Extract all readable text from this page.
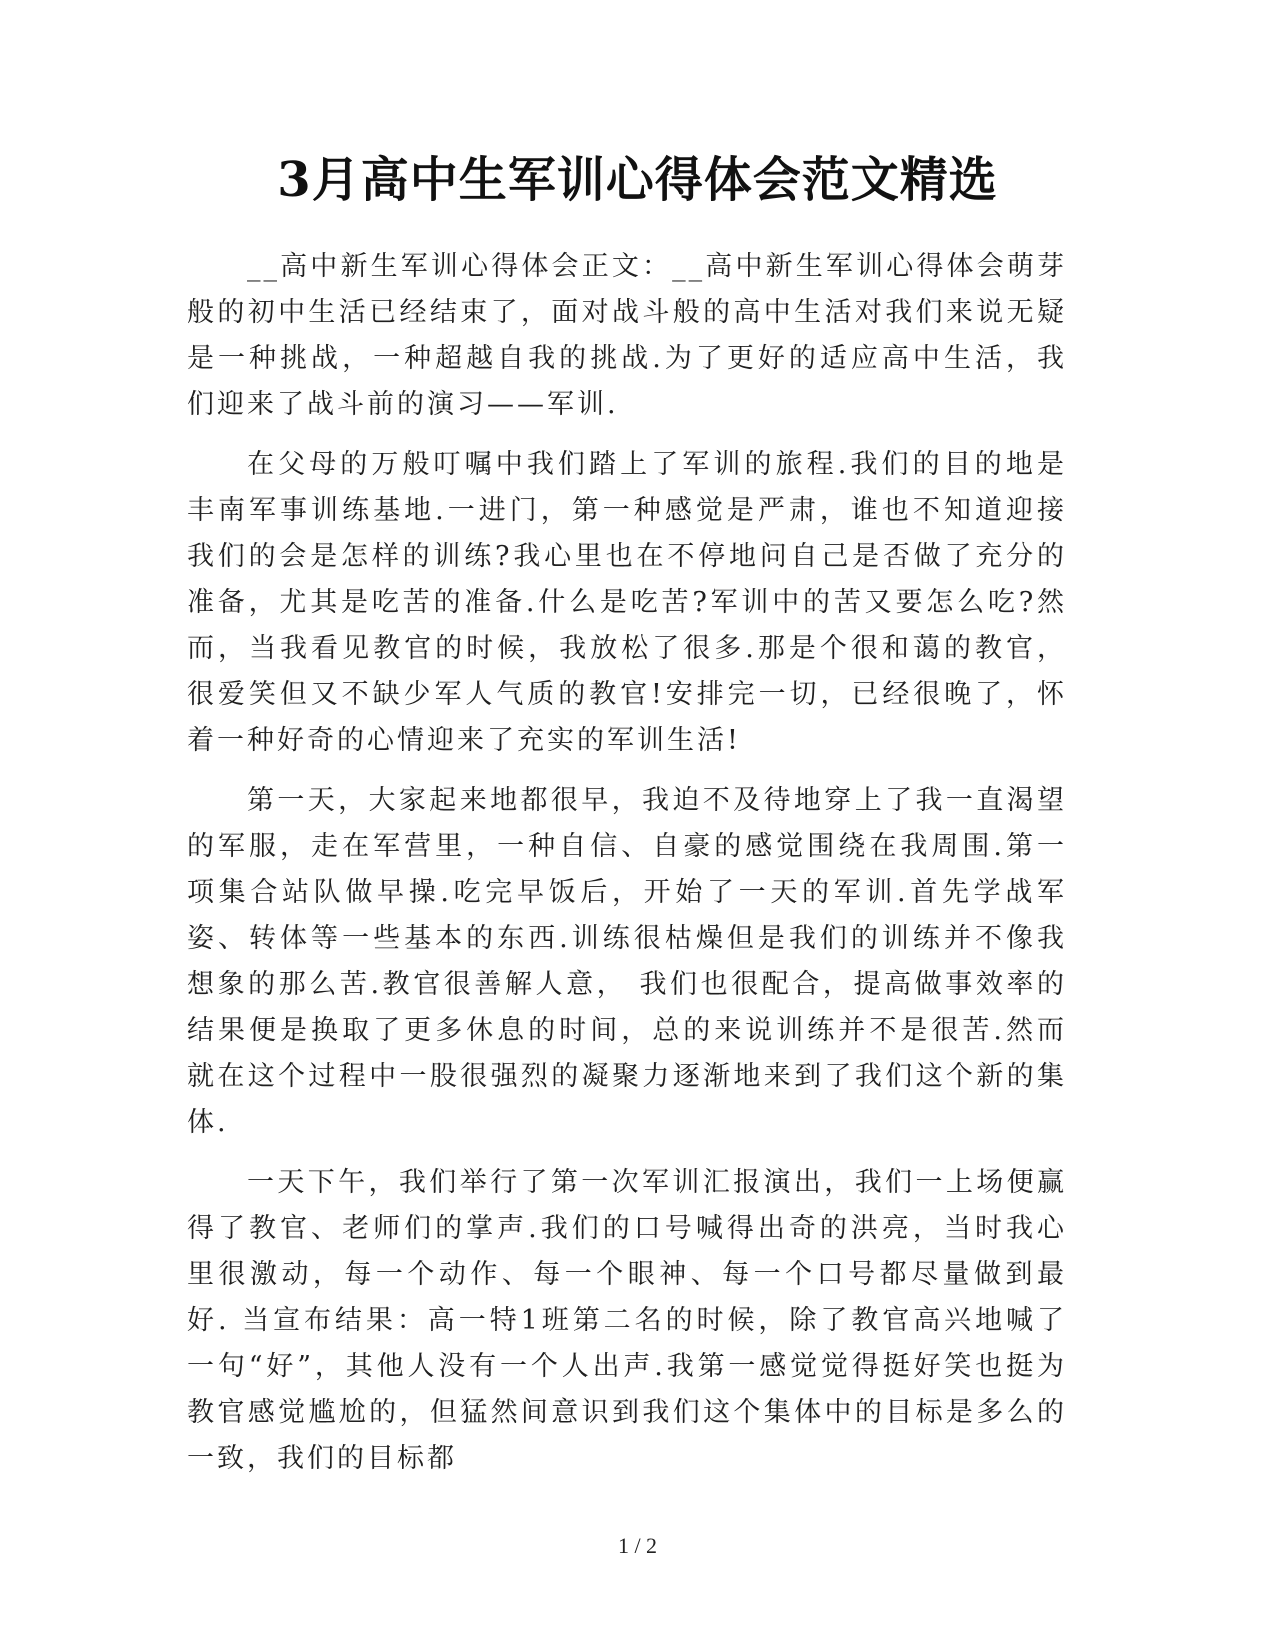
3月高中生军训心得体会范文精选

__高中新生军训心得体会正文：__高中新生军训心得体会萌芽般的初中生活已经结束了，面对战斗般的高中生活对我们来说无疑是一种挑战，一种超越自我的挑战.为了更好的适应高中生活，我们迎来了战斗前的演习——军训.

在父母的万般叮嘱中我们踏上了军训的旅程.我们的目的地是丰南军事训练基地.一进门，第一种感觉是严肃，谁也不知道迎接我们的会是怎样的训练?我心里也在不停地问自己是否做了充分的准备，尤其是吃苦的准备.什么是吃苦?军训中的苦又要怎么吃?然而，当我看见教官的时候，我放松了很多.那是个很和蔼的教官，很爱笑但又不缺少军人气质的教官!安排完一切，已经很晚了，怀着一种好奇的心情迎来了充实的军训生活!

第一天，大家起来地都很早，我迫不及待地穿上了我一直渴望的军服，走在军营里，一种自信、自豪的感觉围绕在我周围.第一项集合站队做早操.吃完早饭后，开始了一天的军训.首先学战军姿、转体等一些基本的东西.训练很枯燥但是我们的训练并不像我想象的那么苦.教官很善解人意， 我们也很配合，提高做事效率的结果便是换取了更多休息的时间，总的来说训练并不是很苦.然而就在这个过程中一股很强烈的凝聚力逐渐地来到了我们这个新的集体.

一天下午，我们举行了第一次军训汇报演出，我们一上场便赢得了教官、老师们的掌声.我们的口号喊得出奇的洪亮，当时我心里很激动，每一个动作、每一个眼神、每一个口号都尽量做到最好. 当宣布结果：高一特1班第二名的时候，除了教官高兴地喊了一句“好”，其他人没有一个人出声.我第一感觉觉得挺好笑也挺为教官感觉尴尬的，但猛然间意识到我们这个集体中的目标是多么的一致，我们的目标都

1 / 2
